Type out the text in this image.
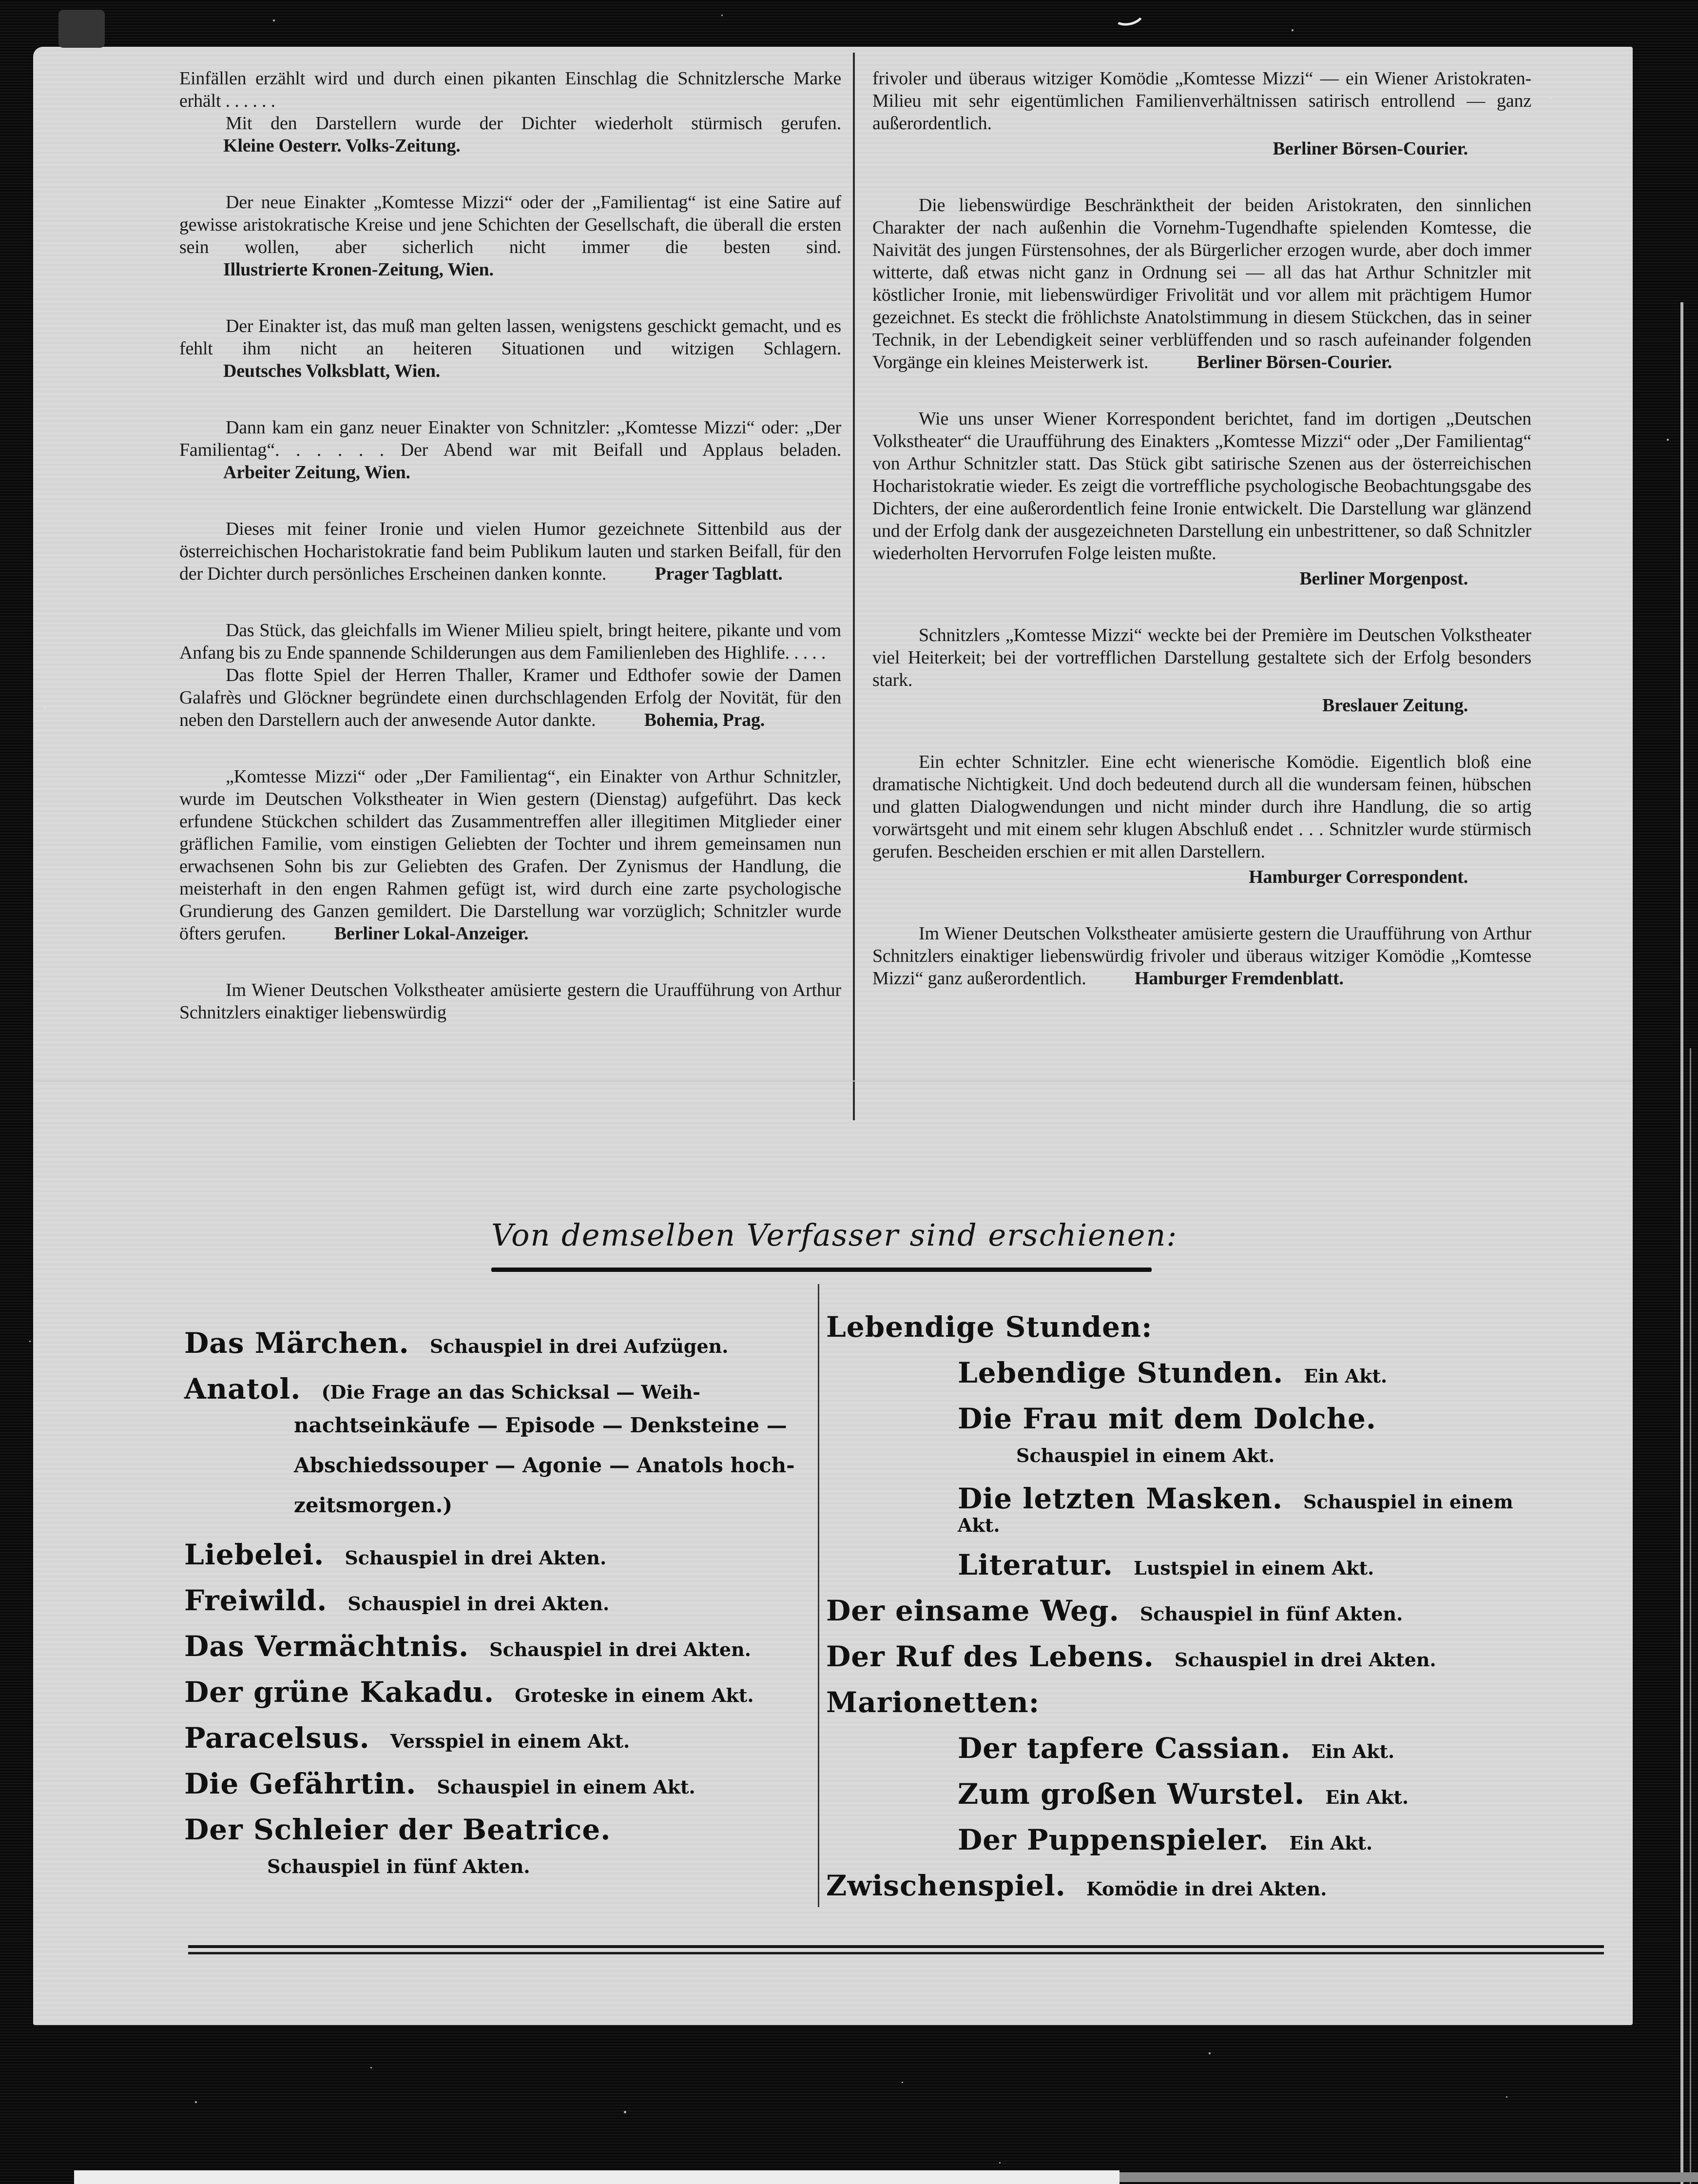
Einfällen erzählt wird und durch einen pikanten Einschlag die Schnitzlersche Marke erhält . . . . . .

Mit den Darstellern wurde der Dichter wiederholt stürmisch gerufen. Kleine Oesterr. Volks-Zeitung.

Der neue Einakter „Komtesse Mizzi“ oder der „Familientag“ ist eine Satire auf gewisse aristokratische Kreise und jene Schichten der Gesellschaft, die überall die ersten sein wollen, aber sicherlich nicht immer die besten sind. Illustrierte Kronen-Zeitung, Wien.

Der Einakter ist, das muß man gelten lassen, wenigstens geschickt gemacht, und es fehlt ihm nicht an heiteren Situationen und witzigen Schlagern. Deutsches Volksblatt, Wien.

Dann kam ein ganz neuer Einakter von Schnitzler: „Komtesse Mizzi“ oder: „Der Familientag“. . . . . . Der Abend war mit Beifall und Applaus beladen. Arbeiter Zeitung, Wien.

Dieses mit feiner Ironie und vielen Humor gezeichnete Sittenbild aus der österreichischen Hocharistokratie fand beim Publikum lauten und starken Beifall, für den der Dichter durch persönliches Erscheinen danken konnte.	Prager Tagblatt.

Das Stück, das gleichfalls im Wiener Milieu spielt, bringt heitere, pikante und vom Anfang bis zu Ende spannende Schilderungen aus dem Familienleben des Highlife. . . . .

Das flotte Spiel der Herren Thaller, Kramer und Edthofer sowie der Damen Galafrès und Glöckner begründete einen durchschlagenden Erfolg der Novität, für den neben den Darstellern auch der anwesende Autor dankte.	Bohemia, Prag.

„Komtesse Mizzi“ oder „Der Familientag“, ein Einakter von Arthur Schnitzler, wurde im Deutschen Volkstheater in Wien gestern (Dienstag) aufgeführt. Das keck erfundene Stückchen schildert das Zusammentreffen aller illegitimen Mitglieder einer gräflichen Familie, vom einstigen Geliebten der Tochter und ihrem gemeinsamen nun erwachsenen Sohn bis zur Geliebten des Grafen. Der Zynismus der Handlung, die meisterhaft in den engen Rahmen gefügt ist, wird durch eine zarte psychologische Grundierung des Ganzen gemildert. Die Darstellung war vorzüglich; Schnitzler wurde öfters gerufen.	Berliner Lokal-Anzeiger.

Im Wiener Deutschen Volkstheater amüsierte gestern die Uraufführung von Arthur Schnitzlers einaktiger liebenswürdig

frivoler und überaus witziger Komödie „Komtesse Mizzi“ — ein Wiener Aristokraten-Milieu mit sehr eigentümlichen Familienverhältnissen satirisch entrollend — ganz außerordentlich.
Berliner Börsen-Courier.

Die liebenswürdige Beschränktheit der beiden Aristokraten, den sinnlichen Charakter der nach außenhin die Vornehm-Tugendhafte spielenden Komtesse, die Naivität des jungen Fürstensohnes, der als Bürgerlicher erzogen wurde, aber doch immer witterte, daß etwas nicht ganz in Ordnung sei — all das hat Arthur Schnitzler mit köstlicher Ironie, mit liebenswürdiger Frivolität und vor allem mit prächtigem Humor gezeichnet. Es steckt die fröhlichste Anatolstimmung in diesem Stückchen, das in seiner Technik, in der Lebendigkeit seiner verblüffenden und so rasch aufeinander folgenden Vorgänge ein kleines Meisterwerk ist.	Berliner Börsen-Courier.

Wie uns unser Wiener Korrespondent berichtet, fand im dortigen „Deutschen Volkstheater“ die Uraufführung des Einakters „Komtesse Mizzi“ oder „Der Familientag“ von Arthur Schnitzler statt. Das Stück gibt satirische Szenen aus der österreichischen Hocharistokratie wieder. Es zeigt die vortreffliche psychologische Beobachtungsgabe des Dichters, der eine außerordentlich feine Ironie entwickelt. Die Darstellung war glänzend und der Erfolg dank der ausgezeichneten Darstellung ein unbestrittener, so daß Schnitzler wiederholten Hervorrufen Folge leisten mußte.
Berliner Morgenpost.

Schnitzlers „Komtesse Mizzi“ weckte bei der Première im Deutschen Volkstheater viel Heiterkeit; bei der vortrefflichen Darstellung gestaltete sich der Erfolg besonders stark.
Breslauer Zeitung.

Ein echter Schnitzler. Eine echt wienerische Komödie. Eigentlich bloß eine dramatische Nichtigkeit. Und doch bedeutend durch all die wundersam feinen, hübschen und glatten Dialogwendungen und nicht minder durch ihre Handlung, die so artig vorwärtsgeht und mit einem sehr klugen Abschluß endet . . . Schnitzler wurde stürmisch gerufen. Bescheiden erschien er mit allen Darstellern.
Hamburger Correspondent.

Im Wiener Deutschen Volkstheater amüsierte gestern die Uraufführung von Arthur Schnitzlers einaktiger liebenswürdig frivoler und überaus witziger Komödie „Komtesse Mizzi“ ganz außerordentlich.	Hamburger Fremdenblatt.

Von demselben Verfasser sind erschienen:
Das Märchen. Schauspiel in drei Aufzügen.
Anatol. (Die Frage an das Schicksal — Weih-
nachtseinkäufe — Episode — Denksteine —
Abschiedssouper — Agonie — Anatols hoch-
zeitsmorgen.)
Liebelei. Schauspiel in drei Akten.
Freiwild. Schauspiel in drei Akten.
Das Vermächtnis. Schauspiel in drei Akten.
Der grüne Kakadu. Groteske in einem Akt.
Paracelsus. Versspiel in einem Akt.
Die Gefährtin. Schauspiel in einem Akt.
Der Schleier der Beatrice.
Schauspiel in fünf Akten.
Lebendige Stunden:
Lebendige Stunden. Ein Akt.
Die Frau mit dem Dolche.
Schauspiel in einem Akt.
Die letzten Masken. Schauspiel in einem Akt.
Literatur. Lustspiel in einem Akt.
Der einsame Weg. Schauspiel in fünf Akten.
Der Ruf des Lebens. Schauspiel in drei Akten.
Marionetten:
Der tapfere Cassian. Ein Akt.
Zum großen Wurstel. Ein Akt.
Der Puppenspieler. Ein Akt.
Zwischenspiel. Komödie in drei Akten.
